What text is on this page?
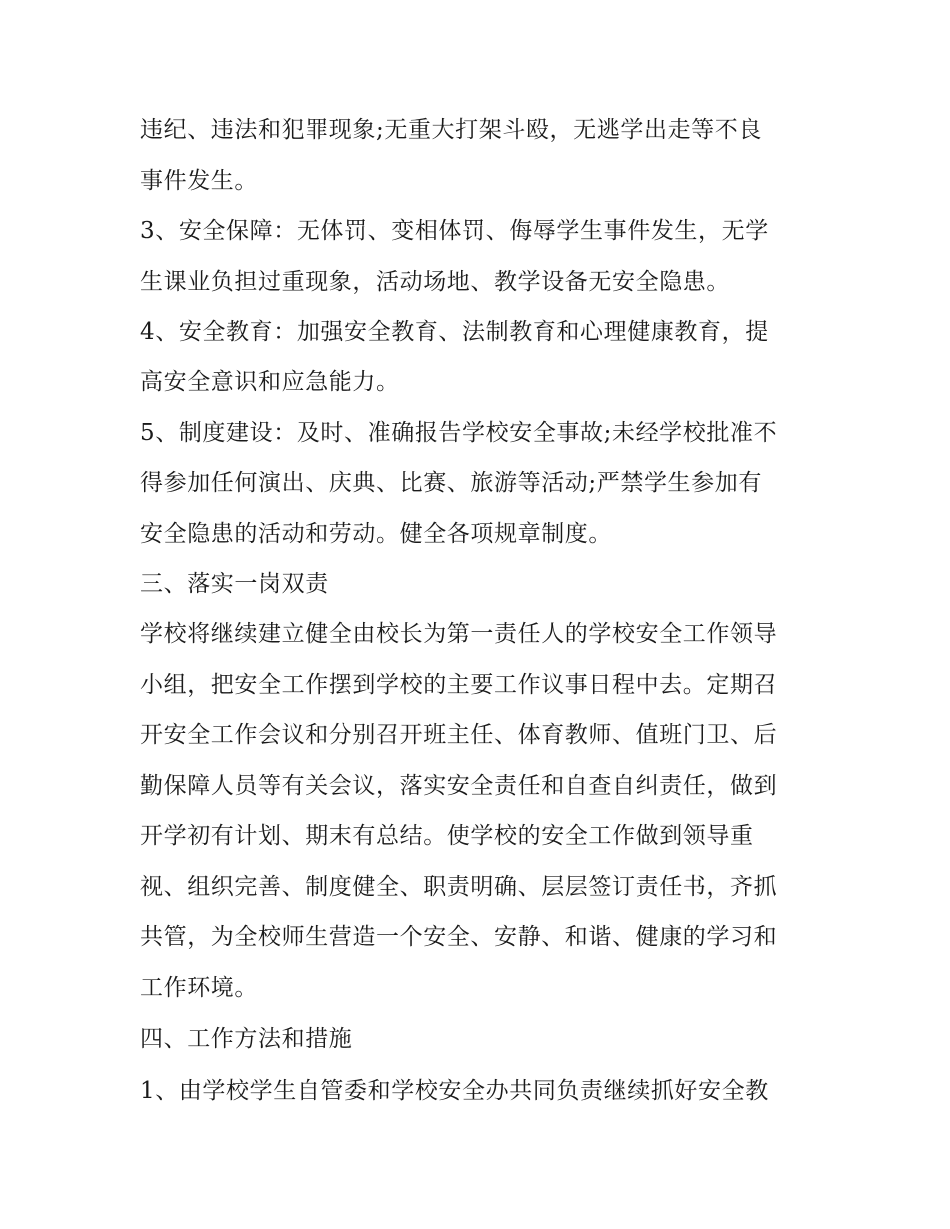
违纪、违法和犯罪现象;无重大打架斗殴，无逃学出走等不良
事件发生。
3、安全保障：无体罚、变相体罚、侮辱学生事件发生，无学
生课业负担过重现象，活动场地、教学设备无安全隐患。
4、安全教育：加强安全教育、法制教育和心理健康教育，提
高安全意识和应急能力。
5、制度建设：及时、准确报告学校安全事故;未经学校批准不
得参加任何演出、庆典、比赛、旅游等活动;严禁学生参加有
安全隐患的活动和劳动。健全各项规章制度。
三、落实一岗双责
学校将继续建立健全由校长为第一责任人的学校安全工作领导
小组，把安全工作摆到学校的主要工作议事日程中去。定期召
开安全工作会议和分别召开班主任、体育教师、值班门卫、后
勤保障人员等有关会议，落实安全责任和自查自纠责任，做到
开学初有计划、期末有总结。使学校的安全工作做到领导重
视、组织完善、制度健全、职责明确、层层签订责任书，齐抓
共管，为全校师生营造一个安全、安静、和谐、健康的学习和
工作环境。
四、工作方法和措施
1、由学校学生自管委和学校安全办共同负责继续抓好安全教
